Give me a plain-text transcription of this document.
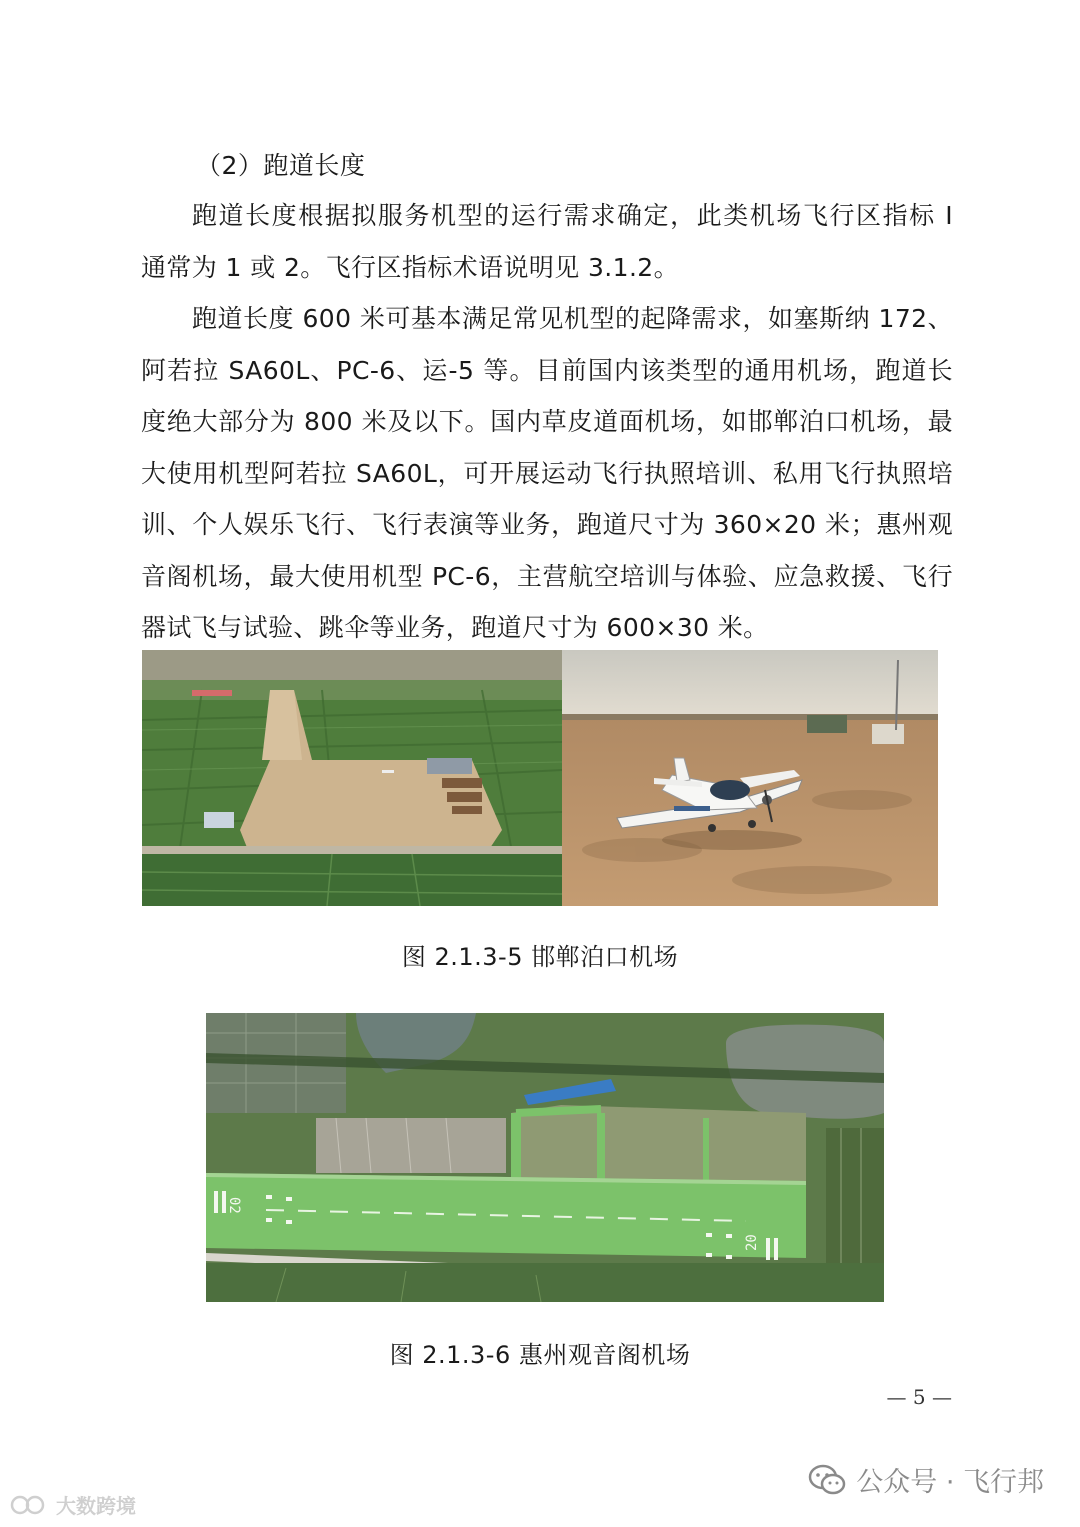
（2）跑道长度

跑道长度根据拟服务机型的运行需求确定，此类机场飞行区指标 I 通常为 1 或 2。飞行区指标术语说明见 3.1.2。

跑道长度 600 米可基本满足常见机型的起降需求，如塞斯纳 172、阿若拉 SA60L、PC-6、运-5 等。目前国内该类型的通用机场，跑道长度绝大部分为 800 米及以下。国内草皮道面机场，如邯郸泊口机场，最大使用机型阿若拉 SA60L，可开展运动飞行执照培训、私用飞行执照培训、个人娱乐飞行、飞行表演等业务，跑道尺寸为 360×20 米；惠州观音阁机场，最大使用机型 PC-6，主营航空培训与体验、应急救援、飞行器试飞与试验、跳伞等业务，跑道尺寸为 600×30 米。

图 2.1.3-5 邯郸泊口机场
02
20
图 2.1.3-6 惠州观音阁机场
— 5 —
公众号 · 飞行邦
大数跨境
